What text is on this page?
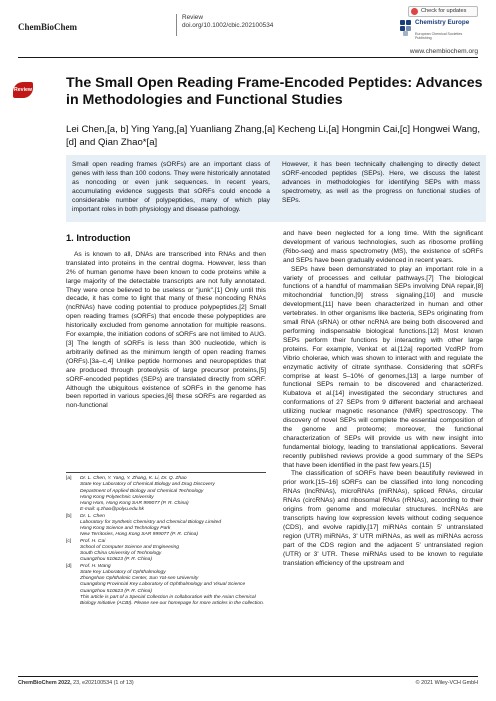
ChemBioChem
Review
doi.org/10.1002/cbic.202100534
Check for updates
Chemistry Europe
European Chemical Societies Publishing
www.chembiochem.org
Review The Small Open Reading Frame-Encoded Peptides: Advances in Methodologies and Functional Studies
Lei Chen,[a, b] Ying Yang,[a] Yuanliang Zhang,[a] Kecheng Li,[a] Hongmin Cai,[c] Hongwei Wang,[d] and Qian Zhao*[a]
Small open reading frames (sORFs) are an important class of genes with less than 100 codons. They were historically annotated as noncoding or even junk sequences. In recent years, accumulating evidence suggests that sORFs could encode a considerable number of polypeptides, many of which play important roles in both physiology and disease pathology.
However, it has been technically challenging to directly detect sORF-encoded peptides (SEPs). Here, we discuss the latest advances in methodologies for identifying SEPs with mass spectrometry, as well as the progress on functional studies of SEPs.
1. Introduction

As is known to all, DNAs are transcribed into RNAs and then translated into proteins in the central dogma. However, less than 2% of human genome have been known to code proteins while a large majority of the detectable transcripts are not fully annotated. They were once believed to be useless or "junk".[1] Only until this decade, it has come to light that many of these noncoding RNAs (ncRNAs) have coding potential to produce polypeptides.[2] Small open reading frames (sORFs) that encode these polypeptides are historically excluded from genome annotation for multiple reasons. For example, the initiation codons of sORFs are not limited to AUG.[3] The length of sORFs is less than 300 nucleotide, which is arbitrarily defined as the minimum length of open reading frames (ORFs).[3a–c,4] Unlike peptide hormones and neuropeptides that are produced through proteolysis of large precursor proteins,[5] sORF-encoded peptides (SEPs) are translated directly from sORF. Although the ubiquitous existence of sORFs in the genome has been reported in various species,[6] these sORFs are regarded as non-functional

[a]	Dr. L. Chen, Y. Yang, Y. Zhang, K. Li, Dr. Q. Zhao
State Key Laboratory of Chemical Biology and Drug Discovery
Department of Applied Biology and Chemical Technology
Hong Kong Polytechnic University
Hung Hom, Hong Kong SAR 999077 (P. R. China)
E-mail: q.zhao@polyu.edu.hk
[b]	Dr. L. Chen
Laboratory for Synthetic Chemistry and Chemical Biology Limited
Hong Kong Science and Technology Park
New Territories, Hong Kong SAR 999077 (P. R. China)
[c]	Prof. H. Cai
School of Computer Science and Engineering
South China University of Technology
Guangzhou 510623 (P. R. China)
[d]	Prof. H. Wang
State Key Laboratory of Ophthalmology
Zhongshan Ophthalmic Center, Sun Yat-sen University
Guangdong Provincial Key Laboratory of Ophthalmology and Visual Science
Guangzhou 510623 (P. R. China)

This article is part of a Special Collection in collaboration with the Asian Chemical Biology Initiative (ACBI). Please see our homepage for more articles in the collection.

and have been neglected for a long time. With the significant development of various technologies, such as ribosome profiling (Ribo-seq) and mass spectrometry (MS), the existence of sORFs and SEPs have been gradually evidenced in recent years.

SEPs have been demonstrated to play an important role in a variety of processes and cellular pathways.[7] The biological functions of a handful of mammalian SEPs involving DNA repair,[8] mitochondrial function,[9] stress signaling,[10] and muscle development,[11] have been characterized in human and other vertebrates. In other organisms like bacteria, SEPs originating from small RNA (sRNA) or other ncRNA are being both discovered and performing indispensable biological functions.[12] Most known SEPs perform their functions by interacting with other large proteins. For example, Venkat et al.[12a] reported VcdRP from Vibrio cholerae, which was shown to interact with and regulate the enzymatic activity of citrate synthase. Considering that sORFs comprise at least 5–10% of genomes,[13] a large number of functional SEPs remain to be discovered and characterized. Kubatova et al.[14] investigated the secondary structures and conformations of 27 SEPs from 9 different bacterial and archaeal utilizing nuclear magnetic resonance (NMR) spectroscopy. The discovery of novel SEPs will complete the essential composition of the genome and proteome; moreover, the functional characterization of SEPs will provide us with new insight into fundamental biology, leading to translational applications. Several recently published reviews provide a good summary of the SEPs that have been identified in the past few years.[15]

The classification of sORFs have been beautifully reviewed in prior work.[15–16] sORFs can be classified into long noncoding RNAs (lncRNAs), microRNAs (miRNAs), spliced RNAs, circular RNAs (circRNAs) and ribosomal RNAs (rRNAs), according to their origins from genome and molecular structures. lncRNAs are transcripts having low expression levels without coding sequence (CDS), and evolve rapidly.[17] miRNAs contain 5' untranslated region (UTR) miRNAs, 3' UTR miRNAs, as well as miRNAs across part of the CDS region and the adjacent 5' untranslated region (UTR) or 3' UTR. These miRNAs used to be known to regulate translation efficiency of the upstream and

ChemBioChem 2022, 23, e202100534 (1 of 13)	© 2021 Wiley-VCH GmbH
